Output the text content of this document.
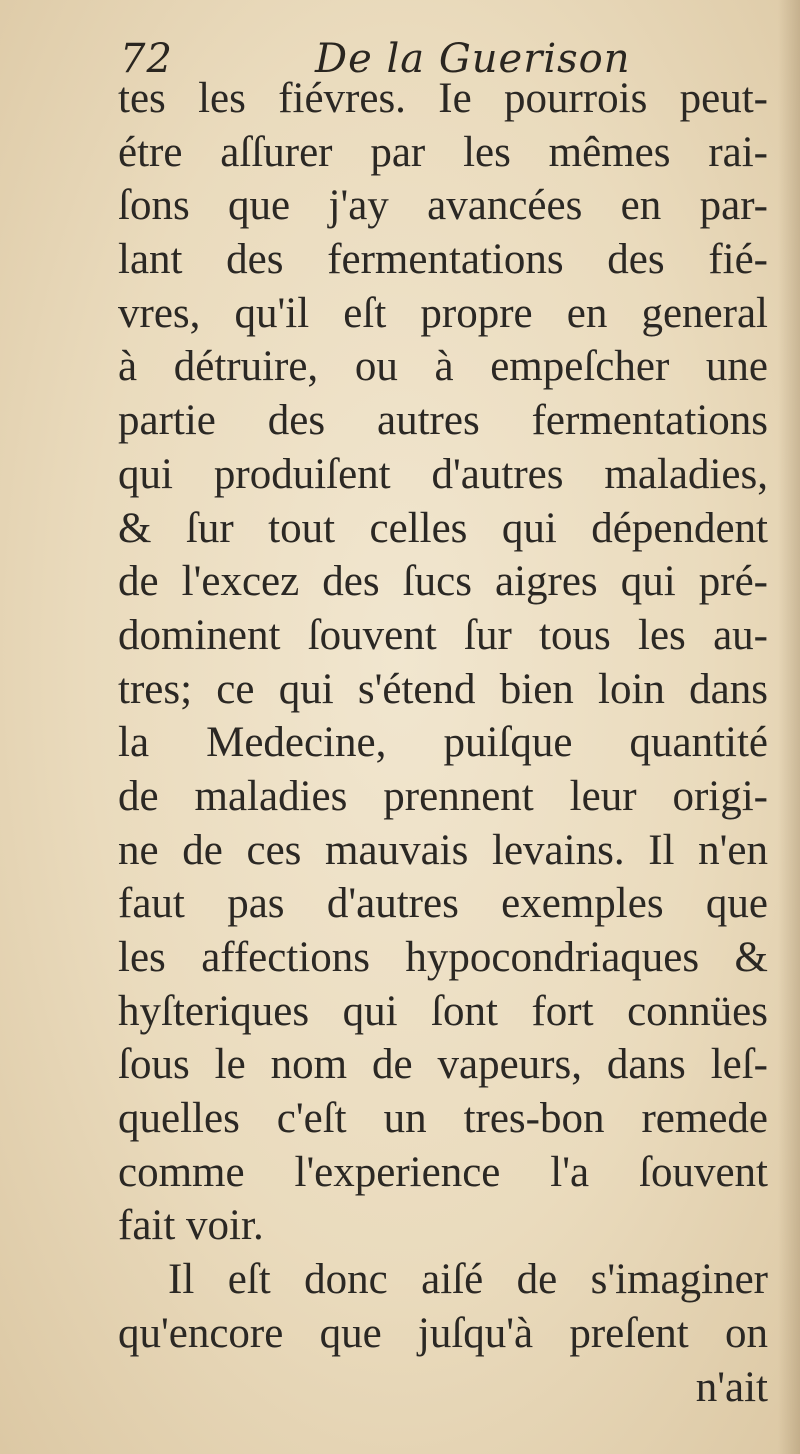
72	De la Guerison
tes les fiévres. Ie pourrois peut-
étre aſſurer par les mêmes rai-
ſons que j'ay avancées en par-
lant des fermentations des fié-
vres, qu'il eſt propre en general
à détruire, ou à empeſcher une
partie des autres fermentations
qui produiſent d'autres maladies,
& ſur tout celles qui dépendent
de l'excez des ſucs aigres qui pré-
dominent ſouvent ſur tous les au-
tres; ce qui s'étend bien loin dans
la Medecine, puiſque quantité
de maladies prennent leur origi-
ne de ces mauvais levains. Il n'en
faut pas d'autres exemples que
les affections hypocondriaques &
hyſteriques qui ſont fort connües
ſous le nom de vapeurs, dans leſ-
quelles c'eſt un tres-bon remede
comme l'experience l'a ſouvent
fait voir.
Il eſt donc aiſé de s'imaginer
qu'encore que juſqu'à preſent on
n'ait
